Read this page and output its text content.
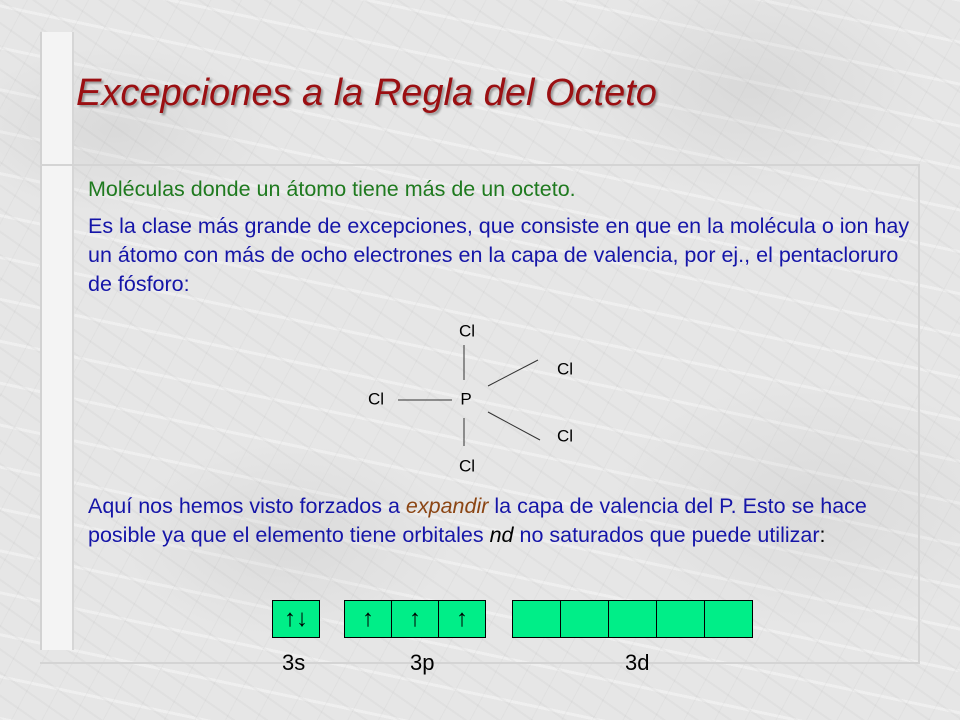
Excepciones a la Regla del Octeto

Moléculas donde un átomo tiene más de un octeto.

Es la clase más grande de excepciones, que consiste en que en la molécula o ion hay un átomo con más de ocho electrones en la capa de valencia, por ej., el pentacloruro de fósforo:

P
Cl
Cl
Cl
Cl
Cl

Aquí nos hemos visto forzados a expandir la capa de valencia del P. Esto se hace posible ya que el elemento tiene orbitales nd no saturados que puede utilizar:

↑↓	↑	↑	↑
3s	3p	3d
